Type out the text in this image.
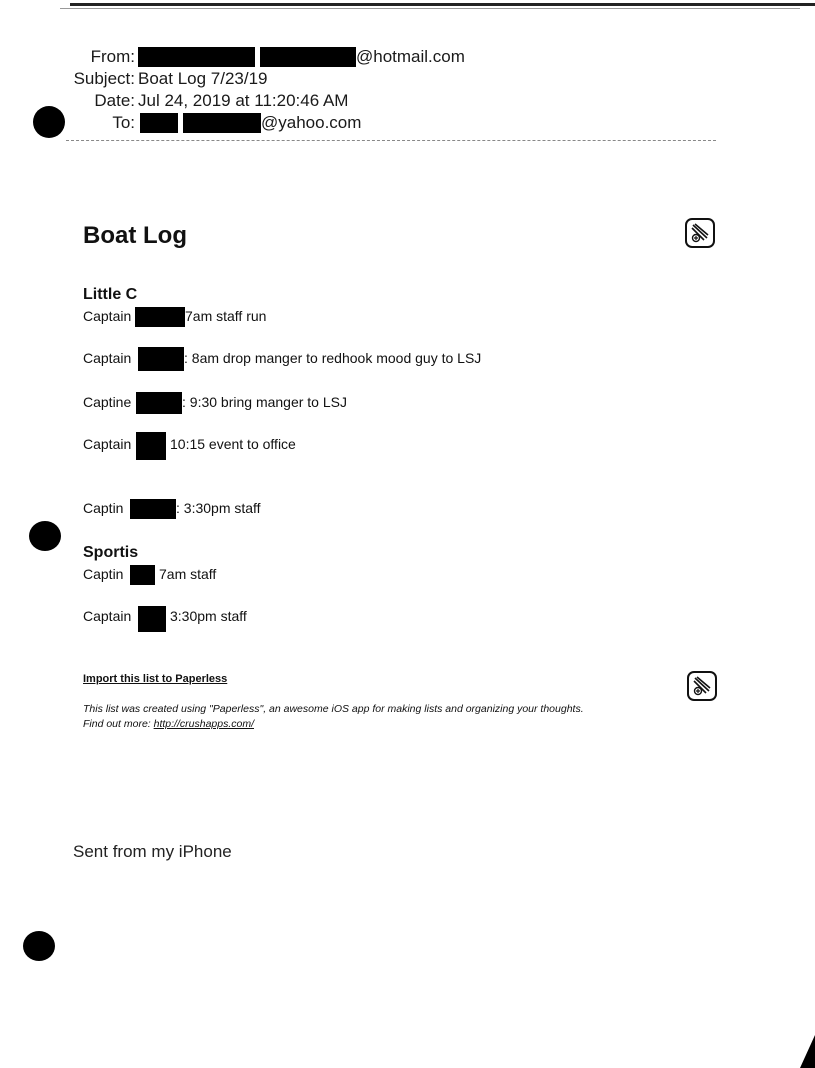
From:	@hotmail.com
Subject: Boat Log 7/23/19
Date: Jul 24, 2019 at 11:20:46 AM
To:	@yahoo.com
Boat Log
Little C
Captain	7am staff run
Captain	: 8am drop manger to redhook mood guy to LSJ
Captine	: 9:30 bring manger to LSJ
Captain	10:15 event to office
Captin	: 3:30pm staff
Sportis
Captin	7am staff
Captain	3:30pm staff
Import this list to Paperless
This list was created using "Paperless", an awesome iOS app for making lists and organizing your thoughts.
Find out more: http://crushapps.com/
Sent from my iPhone
